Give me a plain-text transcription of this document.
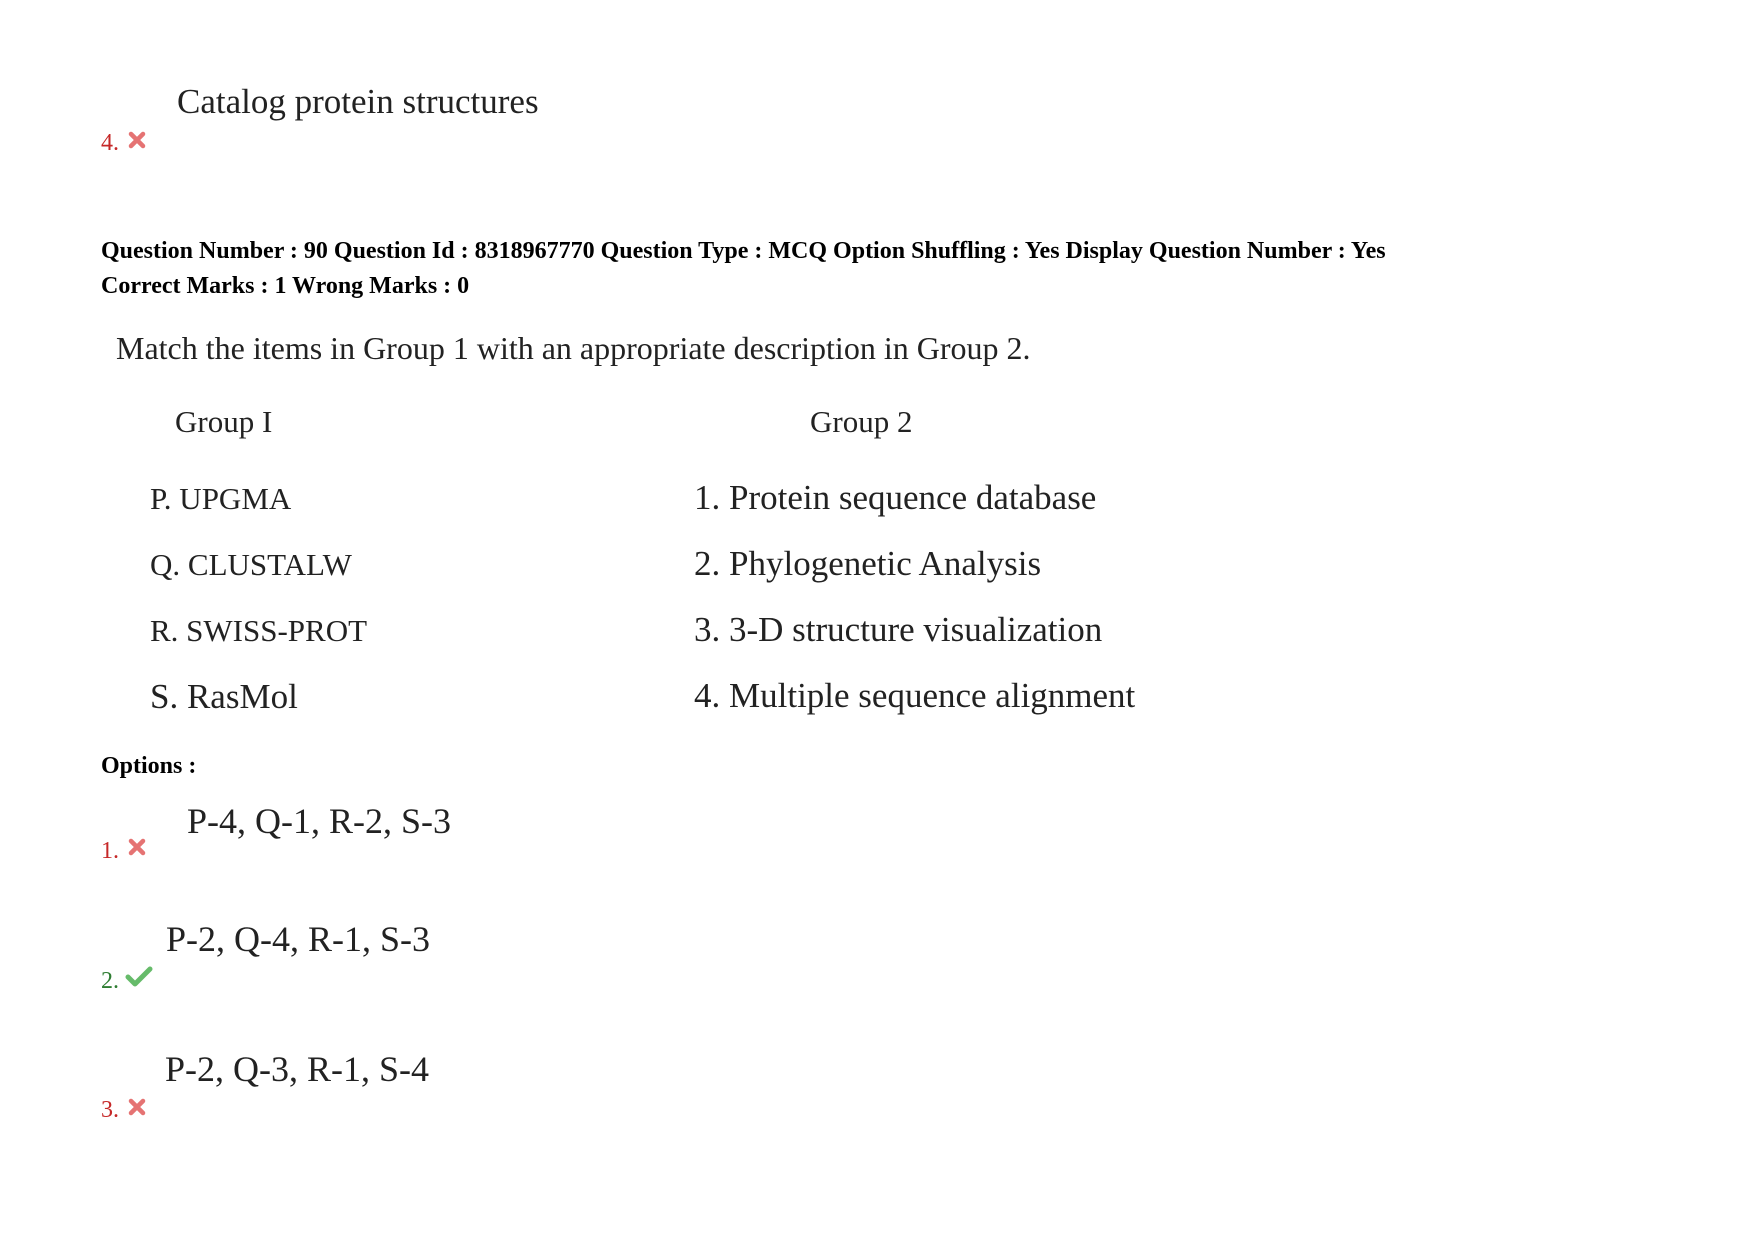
Catalog protein structures
4.
Question Number : 90 Question Id : 8318967770 Question Type : MCQ Option Shuffling : Yes Display Question Number : Yes
Correct Marks : 1 Wrong Marks : 0
Match the items in Group 1 with an appropriate description in Group 2.
Group I	Group 2
P. UPGMA
Q. CLUSTALW
R. SWISS-PROT
S. RasMol
1. Protein sequence database
2. Phylogenetic Analysis
3. 3-D structure visualization
4. Multiple sequence alignment
Options :
P-4, Q-1, R-2, S-3
1.
P-2, Q-4, R-1, S-3
2.
P-2, Q-3, R-1, S-4
3.
